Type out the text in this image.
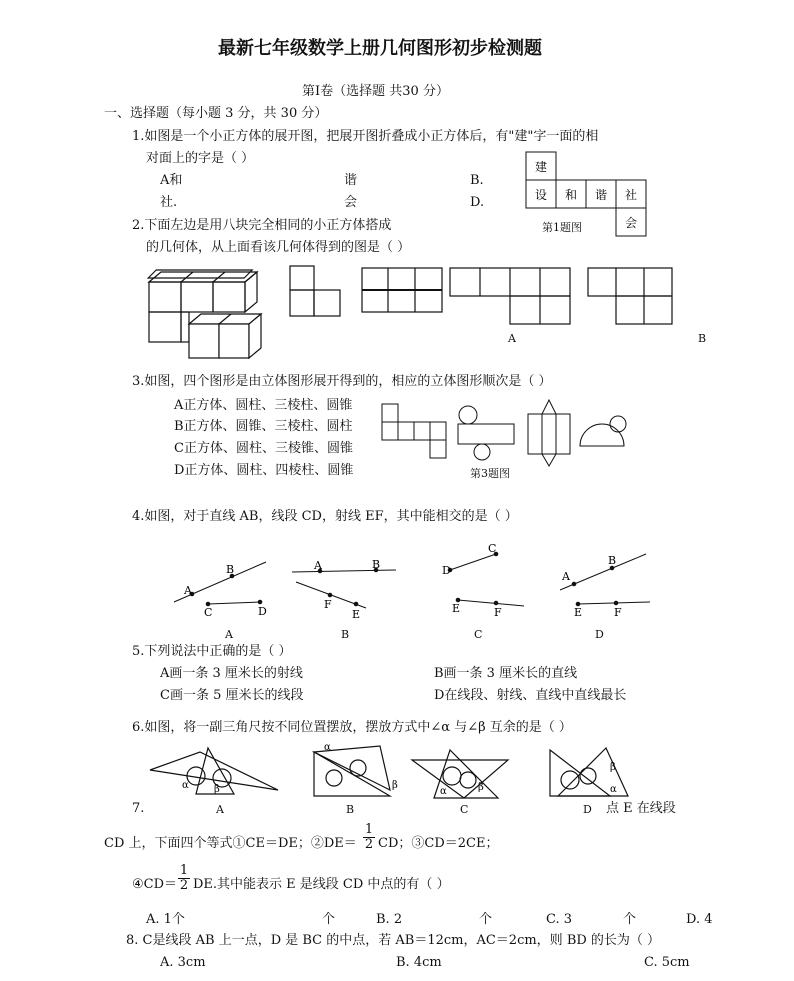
最新七年级数学上册几何图形初步检测题
第Ⅰ卷（选择题 共30 分）
一、选择题（每小题 3 分，共 30 分）
1.如图是一个小正方体的展开图，把展开图折叠成小正方体后，有"建"字一面的相
对面上的字是（ ）
A和	谐	B.
社.	会	D.
建
设 和 谐 社
会
第1题图
2.下面左边是用八块完全相同的小正方体搭成
的几何体，从上面看该几何体得到的图是（ ）
A	B
3.如图，四个图形是由立体图形展开得到的，相应的立体图形顺次是（ ）
A正方体、圆柱、三棱柱、圆锥
B正方体、圆锥、三棱柱、圆柱
C正方体、圆柱、三棱锥、圆锥
D正方体、圆柱、四棱柱、圆锥	第3题图
4.如图，对于直线 AB，线段 CD，射线 EF，其中能相交的是（ ）
A
B
C	D
A	B
F
E
D
C
E	F
A
B
E	F
A	B	C	D
5.下列说法中正确的是（ ）
A画一条 3 厘米长的射线	B画一条 3 厘米长的直线
C画一条 5 厘米长的线段	D在线段、射线、直线中直线最长
6.如图，将一副三角尺按不同位置摆放，摆放方式中∠α 与∠β 互余的是（ ）
α	β
α
β
α	β
β
α
7.	A	B	C	D 点 E 在线段
CD 上，下面四个等式①CE＝DE；②DE＝ $\frac{1}{2}$ CD；③CD＝2CE；
④CD＝ $\frac{1}{2}$ DE.其中能表示 E 是线段 CD 中点的有（ ）
A. 1个	个	B. 2	个	C. 3	个	D. 4
8. C是线段 AB 上一点，D 是 BC 的中点，若 AB＝12cm，AC＝2cm，则 BD 的长为（ ）
A. 3cm	B. 4cm	C. 5cm
